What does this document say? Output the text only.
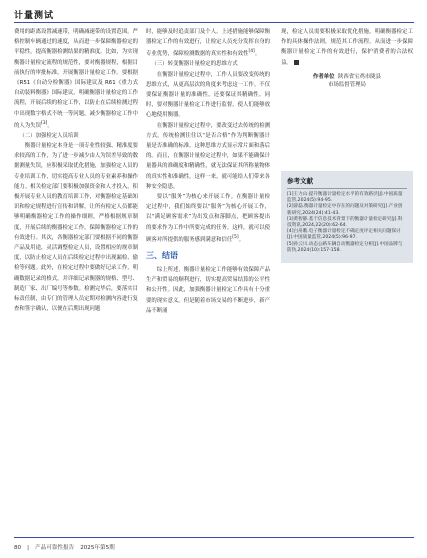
计量测试

费用的距离设置减速带，明确减速带的设置范围。严格控制车辆通过的速度，从而进一步保障衡器检定的平稳性，提高衡器检测结果的精准度。比如，为实现衡器计量检定流程的规范性，要对衡器规程，根据目前执行的审批标准，开展衡器计量检定工作。要根据《R51《自动分检衡器》国际建议及 R61《重力式自动装料衡器》国际建议，明确衡器计量检定的工作流程，开展后续的检定工作，以防止在后续检测过程中出现数字格式不统一等问题，减少衡器检定工作中的人为失误[3]。

（二）加强检定人员培训

衡器计量检定本身是一项专业性较强、精准度要求较高的工作，为了进一步减少由人为误差导致的数据测量失误，应积极采取优化措施，加强检定人员的专业培训工作，切实提高专业人员的专业素养和操作能力。相关检定部门要积极加强资金和人才投入，积极开展专业人员的教育培训工作，对衡器检定基础知识和检定规程进行宣传和讲解，让所有检定人员都能够明确衡器检定工作的操作细则，严格根据规章制度，开展后续的衡器检定工作，保障衡器检定工作的有效进行。其次，各衡器检定部门要根据不同的衡器产品及用途，灵活调整检定人员，设置相应的规章制度，以防止检定人员在后续检定过程中出现漏检、偷检等问题。此外，在检定过程中要做好记录工作，明确数据记录的格式，并详细记录衡器的规格、型号、制造厂家、出厂编号等参数。检测完毕后，要落实目标责任制，由专门的管理人员定期对检测内容进行复查和签字确认，以便在后期出现问题

时，能够及时追责部门及个人。上述措施能够保障衡器检定工作的有效进行，让检定人员充分发挥自身的专业优势，保障检测数据的真实性和有效性[4]。

（三）转变衡器计量检定的思维方式

在衡器计量检定过程中，工作人员要改变传统的思维方式，从更高层次的角度来考虑这一工作。不仅要保证衡器计量的准确性，还要保证其精确性。同时，要对衡器计量检定工作进行监督，使人们能够放心地使用衡器。

在衡器计量检定过程中，要改变过去传统的检测方式。传统检测往往以“是否合格”作为判断衡器计量是否准确的标准。这种思维方式显示常片面和落后的。而且，在衡器计量检定过程中，如果不能确保计量器具的准确度和精确性，就无法保证其所称量物体的真实性和准确性。这样一来，就可能给人们带来各种安全隐患。

要以“服务”为核心来开展工作。在衡器计量检定过程中，我们始终要以“服务”为核心开展工作，以“满足顾客需求”为出发点和落脚点，把顾客提出的要求作为工作中所要完成的任务。这样，就可以使顾客对所提供的服务感到满意和信任[5]。

三、结语

综上所述，衡器计量检定工作能够有效保障产品生产和贸易的顺利进行，切实提高贸易结算的公平性和公开性。因此，加强衡器计量检定工作具有十分重要的现实意义。但是随着市场交易的不断进步，新产品不断涌

现，检定人员需要积极采取优化措施，明确衡器检定工作的具体操作法则，规范其工作流程，从而进一步保障衡器计量检定工作的有效进行，保护消费者的合法权益。

作者单位 陕西省宝鸡市陇县
市场监督管理局
参考文献
[1]王力山.提升衡器计量检定水平的有效路径[J].中国质量监管,2024(5):94-95.
[2]薛磊.衡器计量检定中存在的问题及对策研究[J].产业创新研究,2024(24):41-43.
[3]黄智静.基于信息技术背景下的衡器计量检定研究[J].科技资讯,2024,22(20):62-64.
[4]白帛瞧.电子衡器计量检定不确定度评定相关问题探讨[J].中国质量监管,2024(5):96-97.
[5]孙云川.动态公路车辆自动衡器检定分析[J].中国品牌与防伪,2024(10):157-158.
80 | 产品可靠性报告 2025年第5期
